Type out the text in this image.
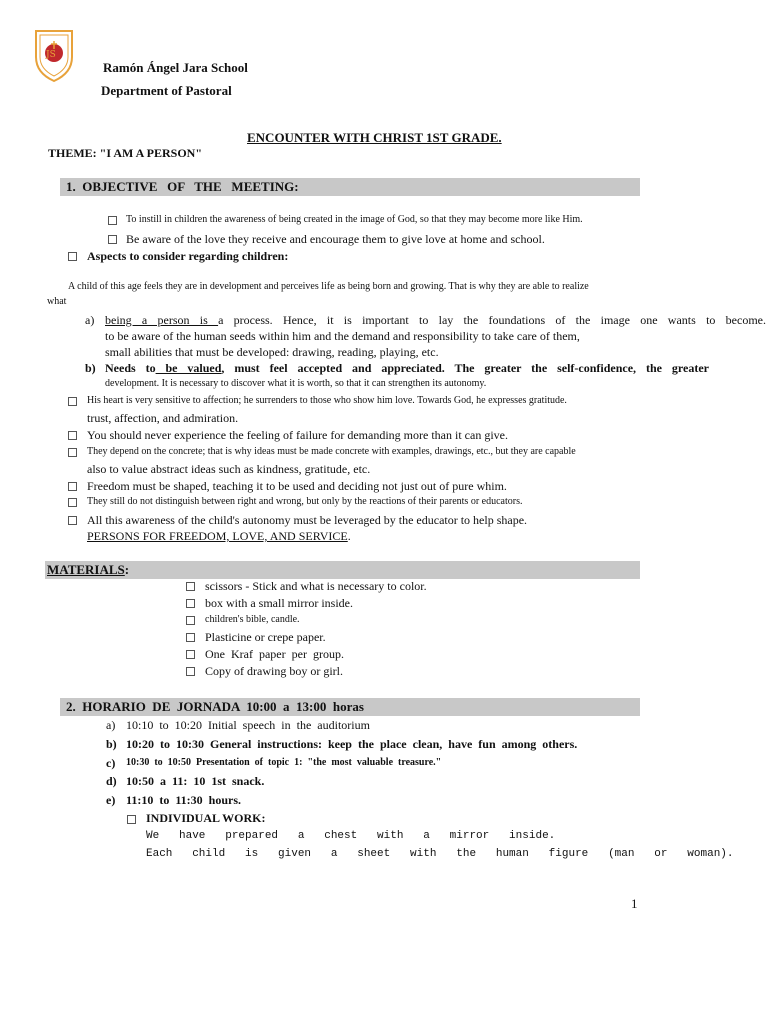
JS
Ramón Ángel Jara School
Department of Pastoral
ENCOUNTER WITH CHRIST 1ST GRADE.
THEME: "I AM A PERSON"
1.  OBJECTIVE   OF   THE   MEETING:
To instill in children the awareness of being created in the image of God, so that they may become more like Him.
Be aware of the love they receive and encourage them to give love at home and school.
Aspects to consider regarding children:
A child of this age feels they are in development and perceives life as being born and growing. That is why they are able to realize
what
a) being a person is a process. Hence, it is important to lay the foundations of the image one wants to become.
to be aware of the human seeds within him and the demand and responsibility to take care of them,
small abilities that must be developed: drawing, reading, playing, etc.
b) Needs to be valued, must feel accepted and appreciated. The greater the self-confidence, the greater
development. It is necessary to discover what it is worth, so that it can strengthen its autonomy.
His heart is very sensitive to affection; he surrenders to those who show him love. Towards God, he expresses gratitude.
trust, affection, and admiration.
You should never experience the feeling of failure for demanding more than it can give.
They depend on the concrete; that is why ideas must be made concrete with examples, drawings, etc., but they are capable
also to value abstract ideas such as kindness, gratitude, etc.
Freedom must be shaped, teaching it to be used and deciding not just out of pure whim.
They still do not distinguish between right and wrong, but only by the reactions of their parents or educators.
All this awareness of the child's autonomy must be leveraged by the educator to help shape.
PERSONS FOR FREEDOM, LOVE, AND SERVICE.
MATERIALS:
scissors - Stick and what is necessary to color.
box with a small mirror inside.
children's bible, candle.
Plasticine or crepe paper.
One  Kraf  paper  per  group.
Copy of drawing boy or girl.
2.  HORARIO  DE  JORNADA  10:00  a  13:00  horas
a) 10:10  to  10:20  Initial  speech  in  the  auditorium
b) 10:20  to  10:30  General  instructions:  keep  the  place  clean,  have  fun  among  others.
c) 10:30  to  10:50  Presentation  of  topic  1:  "the  most  valuable  treasure."
d) 10:50  a  11:  10  1st  snack.
e) 11:10  to  11:30  hours.
INDIVIDUAL WORK:
We   have   prepared   a   chest   with   a   mirror   inside.
Each   child   is   given   a   sheet   with   the   human   figure   (man   or   woman).
1
